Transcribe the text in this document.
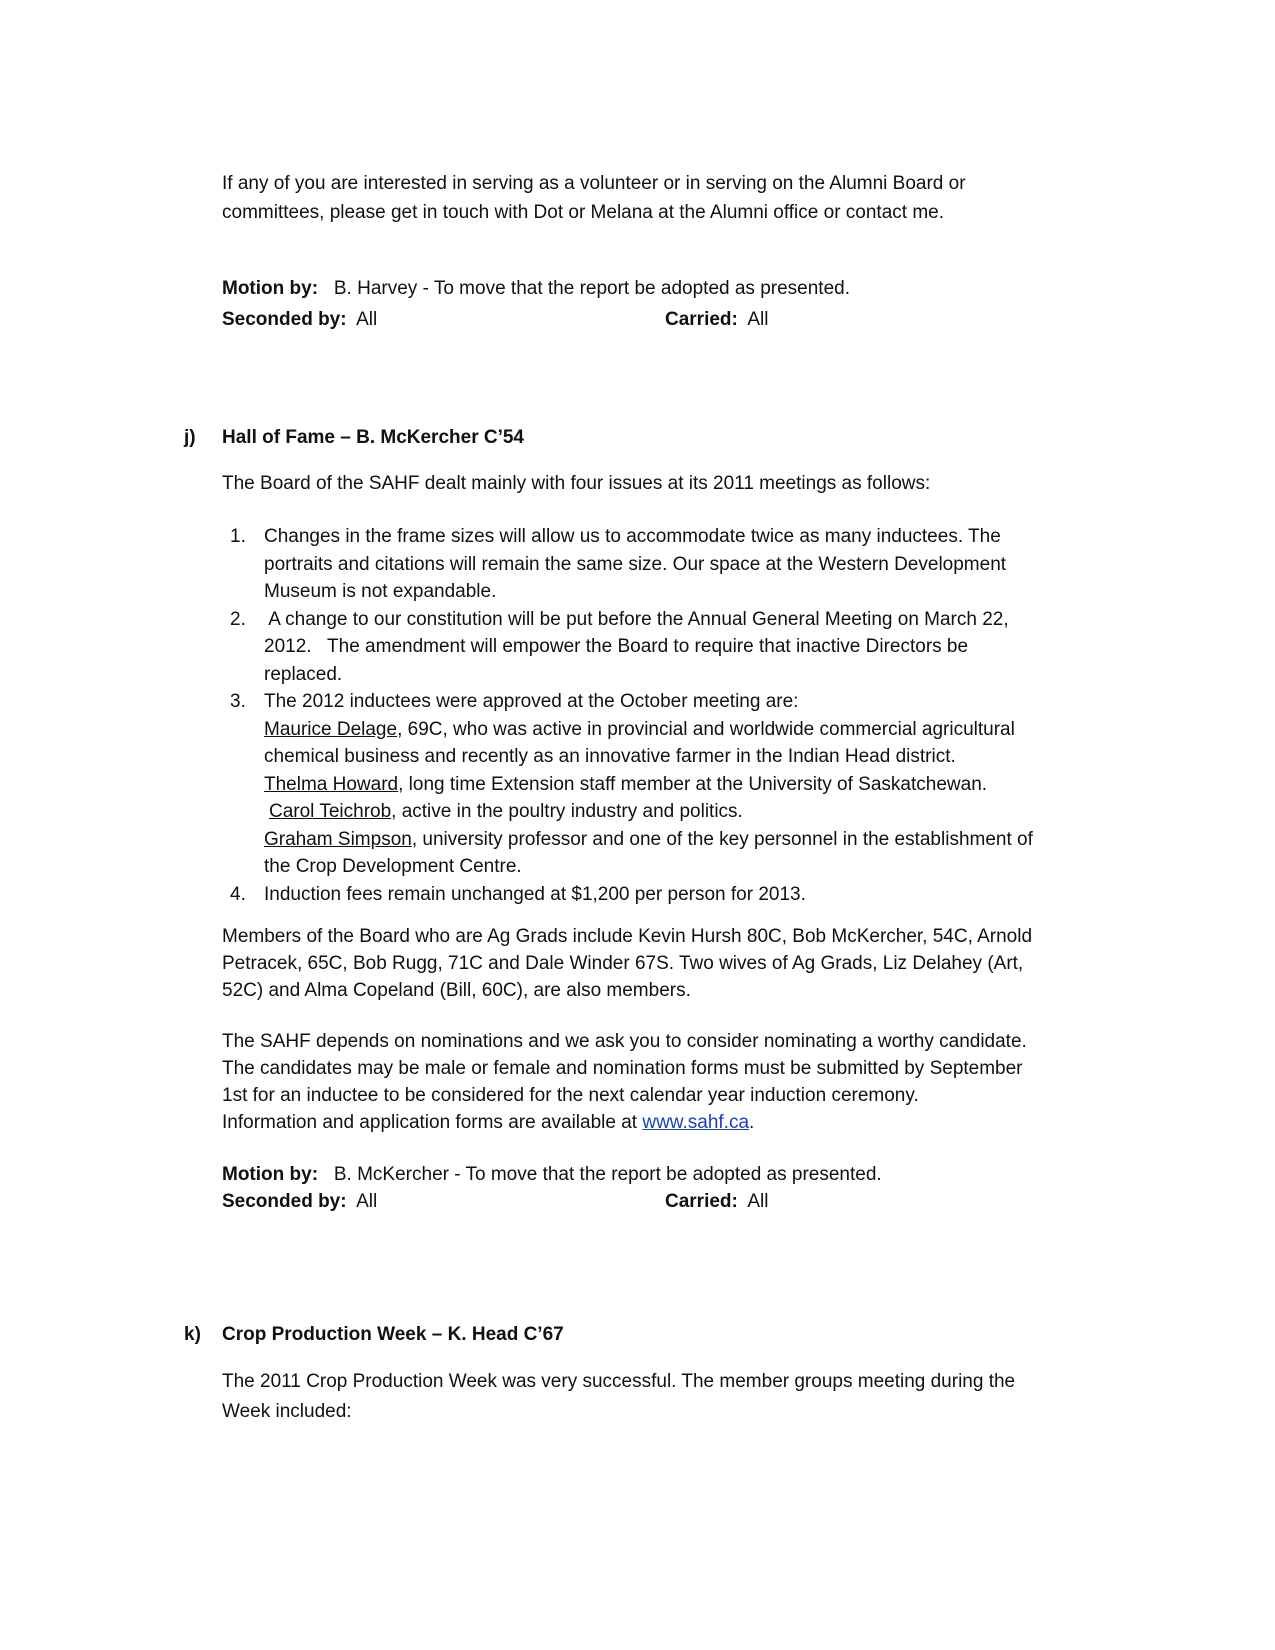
If any of you are interested in serving as a volunteer or in serving on the Alumni Board or
committees, please get in touch with Dot or Melana at the Alumni office or contact me.
Motion by: B. Harvey - To move that the report be adopted as presented.
Seconded by: All	Carried: All
j) Hall of Fame – B. McKercher C’54
The Board of the SAHF dealt mainly with four issues at its 2011 meetings as follows:
1. Changes in the frame sizes will allow us to accommodate twice as many inductees. The
portraits and citations will remain the same size. Our space at the Western Development
Museum is not expandable.
2. A change to our constitution will be put before the Annual General Meeting on March 22,
2012.   The amendment will empower the Board to require that inactive Directors be
replaced.
3. The 2012 inductees were approved at the October meeting are:
Maurice Delage, 69C, who was active in provincial and worldwide commercial agricultural
chemical business and recently as an innovative farmer in the Indian Head district.
Thelma Howard, long time Extension staff member at the University of Saskatchewan.
Carol Teichrob, active in the poultry industry and politics.
Graham Simpson, university professor and one of the key personnel in the establishment of
the Crop Development Centre.
4. Induction fees remain unchanged at $1,200 per person for 2013.
Members of the Board who are Ag Grads include Kevin Hursh 80C, Bob McKercher, 54C, Arnold
Petracek, 65C, Bob Rugg, 71C and Dale Winder 67S. Two wives of Ag Grads, Liz Delahey (Art,
52C) and Alma Copeland (Bill, 60C), are also members.
The SAHF depends on nominations and we ask you to consider nominating a worthy candidate.
The candidates may be male or female and nomination forms must be submitted by September
1st for an inductee to be considered for the next calendar year induction ceremony.
Information and application forms are available at www.sahf.ca.
Motion by: B. McKercher - To move that the report be adopted as presented.
Seconded by: All	Carried: All
k) Crop Production Week – K. Head C’67
The 2011 Crop Production Week was very successful. The member groups meeting during the
Week included:
